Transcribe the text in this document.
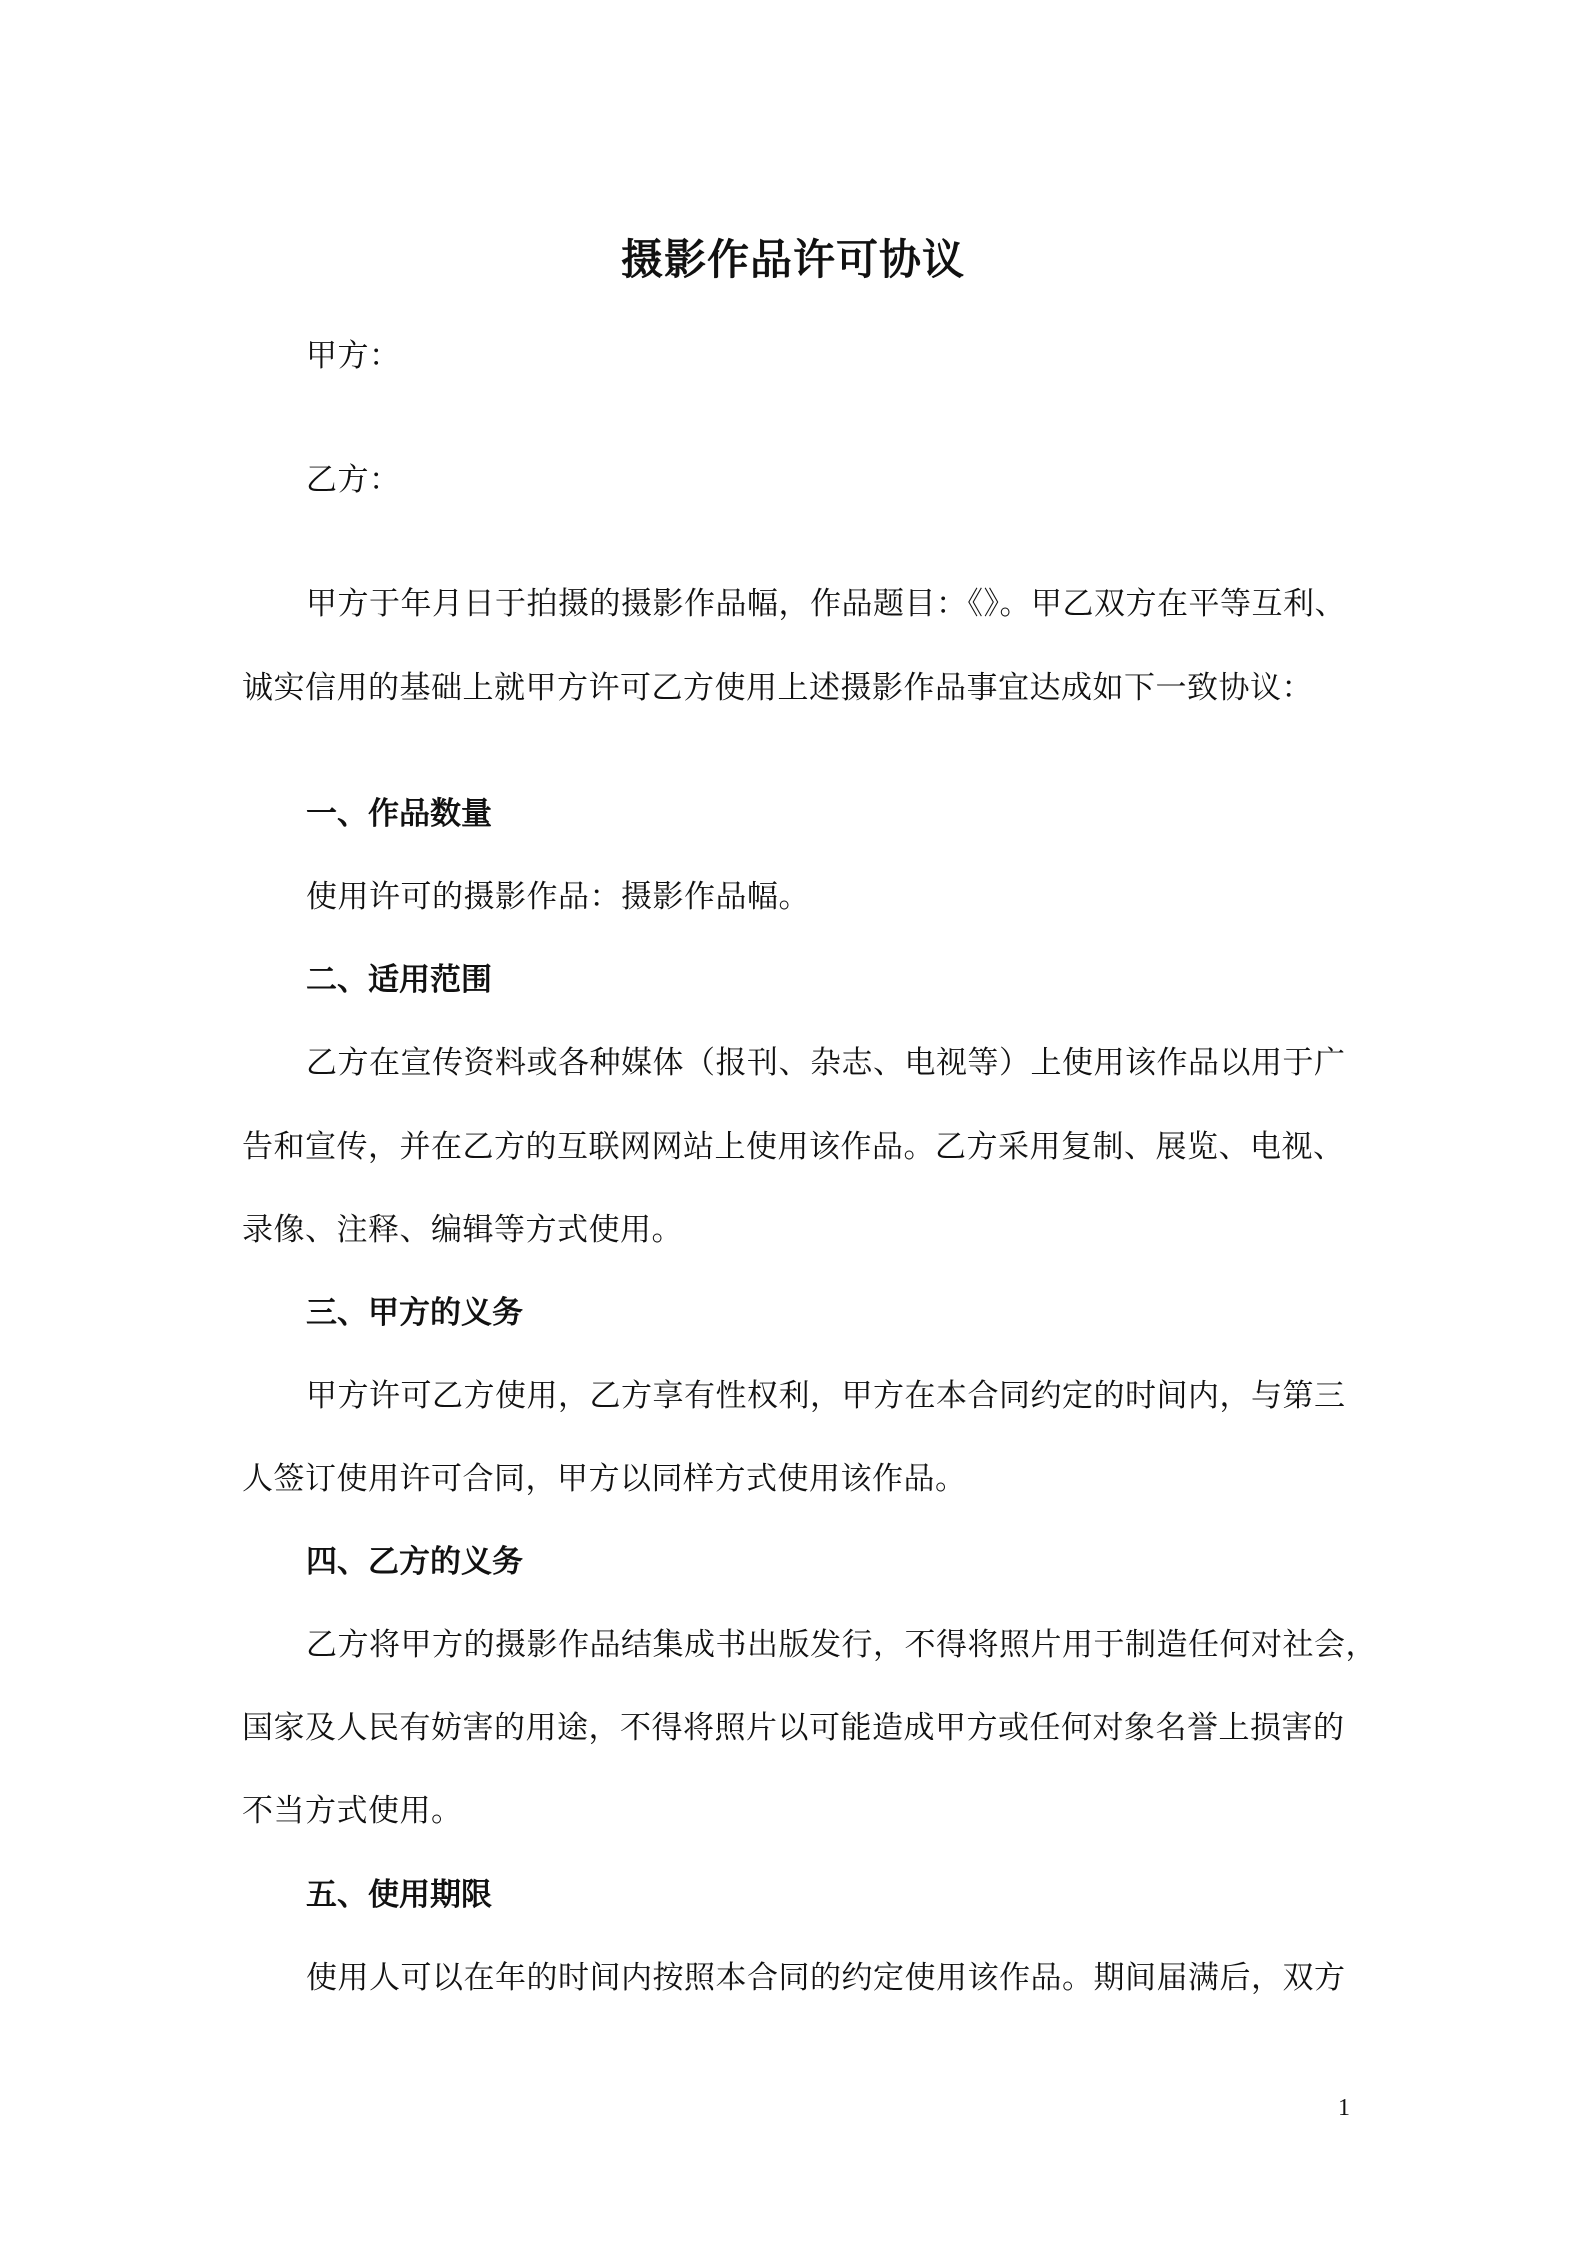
摄影作品许可协议
甲方：
乙方：
甲方于年月日于拍摄的摄影作品幅，作品题目：《》。甲乙双方在平等互利、
诚实信用的基础上就甲方许可乙方使用上述摄影作品事宜达成如下一致协议：
一、作品数量
使用许可的摄影作品：摄影作品幅。
二、适用范围
乙方在宣传资料或各种媒体（报刊、杂志、电视等）上使用该作品以用于广
告和宣传，并在乙方的互联网网站上使用该作品。乙方采用复制、展览、电视、
录像、注释、编辑等方式使用。
三、甲方的义务
甲方许可乙方使用，乙方享有性权利，甲方在本合同约定的时间内，与第三
人签订使用许可合同，甲方以同样方式使用该作品。
四、乙方的义务
乙方将甲方的摄影作品结集成书出版发行，不得将照片用于制造任何对社会，
国家及人民有妨害的用途，不得将照片以可能造成甲方或任何对象名誉上损害的
不当方式使用。
五、使用期限
使用人可以在年的时间内按照本合同的约定使用该作品。期间届满后，双方
1
